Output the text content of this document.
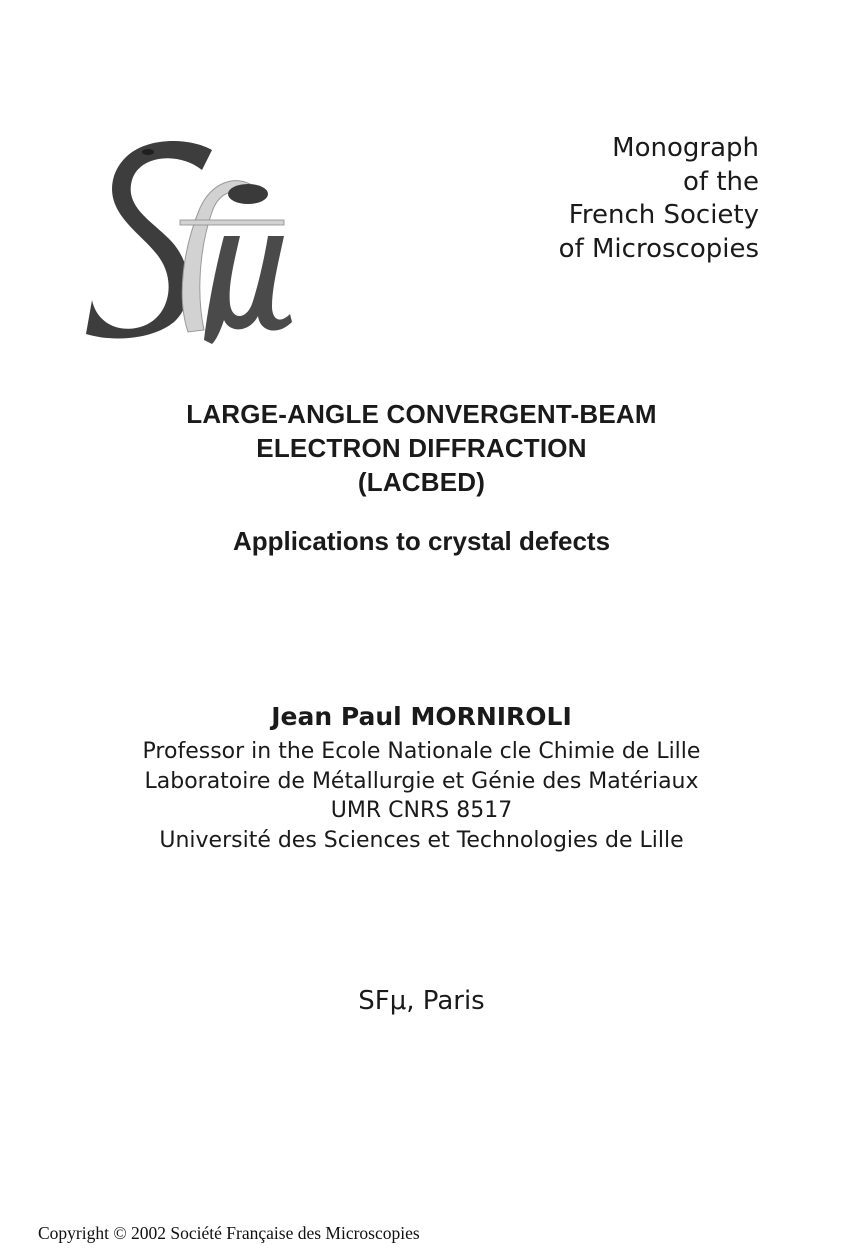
Monograph
of the
French Society
of Microscopies
LARGE-ANGLE CONVERGENT-BEAM
ELECTRON DIFFRACTION
(LACBED)
Applications to crystal defects
Jean Paul MORNIROLI
Professor in the Ecole Nationale cle Chimie de Lille
Laboratoire de Métallurgie et Génie des Matériaux
UMR CNRS 8517
Université des Sciences et Technologies de Lille
SFμ, Paris
Copyright © 2002 Société Française des Microscopies
